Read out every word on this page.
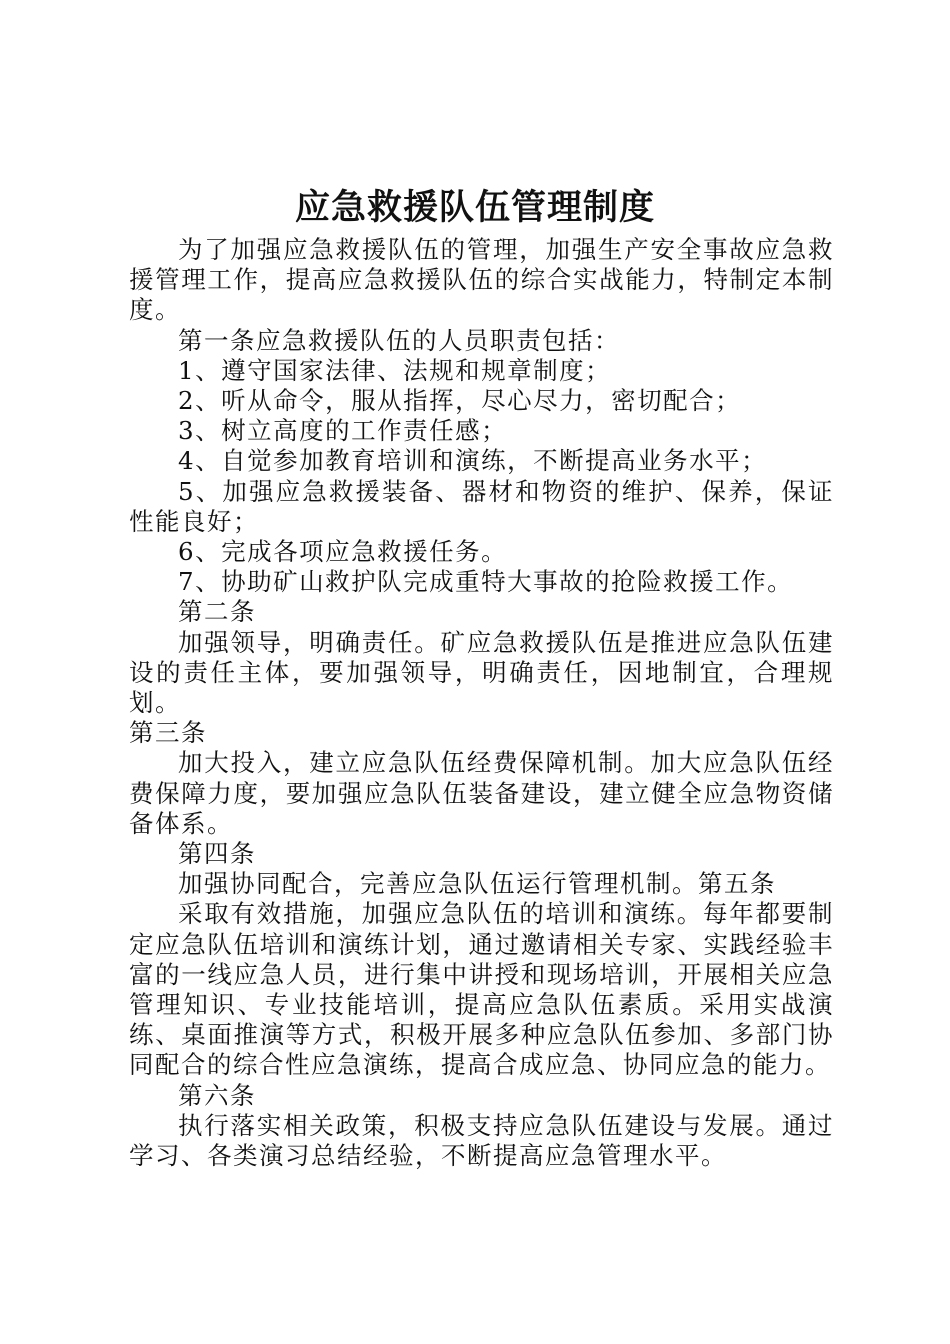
应急救援队伍管理制度

为了加强应急救援队伍的管理，加强生产安全事故应急救援管理工作，提高应急救援队伍的综合实战能力，特制定本制度。

第一条应急救援队伍的人员职责包括：

1、遵守国家法律、法规和规章制度；

2、听从命令，服从指挥，尽心尽力，密切配合；

3、树立高度的工作责任感；

4、自觉参加教育培训和演练，不断提高业务水平；

5、加强应急救援装备、器材和物资的维护、保养，保证性能良好；

6、完成各项应急救援任务。

7、协助矿山救护队完成重特大事故的抢险救援工作。

第二条

加强领导，明确责任。矿应急救援队伍是推进应急队伍建设的责任主体，要加强领导，明确责任，因地制宜，合理规划。

第三条

加大投入，建立应急队伍经费保障机制。加大应急队伍经费保障力度，要加强应急队伍装备建设，建立健全应急物资储备体系。

第四条

加强协同配合，完善应急队伍运行管理机制。第五条

采取有效措施，加强应急队伍的培训和演练。每年都要制定应急队伍培训和演练计划，通过邀请相关专家、实践经验丰富的一线应急人员，进行集中讲授和现场培训，开展相关应急管理知识、专业技能培训，提高应急队伍素质。采用实战演练、桌面推演等方式，积极开展多种应急队伍参加、多部门协同配合的综合性应急演练，提高合成应急、协同应急的能力。

第六条

执行落实相关政策，积极支持应急队伍建设与发展。通过学习、各类演习总结经验，不断提高应急管理水平。
